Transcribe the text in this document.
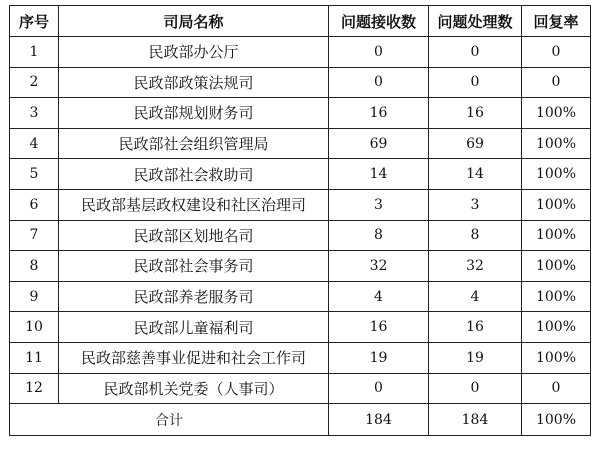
序号	司局名称	问题接收数	问题处理数	回复率
1	民政部办公厅	0	0	0
2	民政部政策法规司	0	0	0
3	民政部规划财务司	16	16	100%
4	民政部社会组织管理局	69	69	100%
5	民政部社会救助司	14	14	100%
6	民政部基层政权建设和社区治理司	3	3	100%
7	民政部区划地名司	8	8	100%
8	民政部社会事务司	32	32	100%
9	民政部养老服务司	4	4	100%
10	民政部儿童福利司	16	16	100%
11	民政部慈善事业促进和社会工作司	19	19	100%
12	民政部机关党委（人事司）	0	0	0
合计		184	184	100%
